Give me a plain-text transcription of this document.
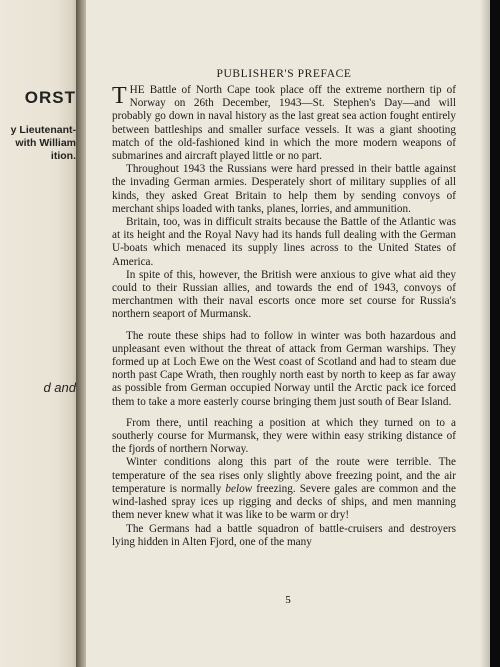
ORST
y Lieutenant-
with William
ition.
d and
PUBLISHER'S PREFACE

THE Battle of North Cape took place off the extreme northern tip of Norway on 26th December, 1943—St. Stephen's Day—and will probably go down in naval history as the last great sea action fought entirely between battleships and smaller surface vessels. It was a giant shooting match of the old-fashioned kind in which the more modern weapons of submarines and aircraft played little or no part.

Throughout 1943 the Russians were hard pressed in their battle against the invading German armies. Desperately short of military supplies of all kinds, they asked Great Britain to help them by sending convoys of merchant ships loaded with tanks, planes, lorries, and ammunition.

Britain, too, was in difficult straits because the Battle of the Atlantic was at its height and the Royal Navy had its hands full dealing with the German U-boats which menaced its supply lines across to the United States of America.

In spite of this, however, the British were anxious to give what aid they could to their Russian allies, and towards the end of 1943, convoys of merchantmen with their naval escorts once more set course for Russia's northern seaport of Murmansk.

The route these ships had to follow in winter was both hazardous and unpleasant even without the threat of attack from German warships. They formed up at Loch Ewe on the West coast of Scotland and had to steam due north past Cape Wrath, then roughly north east by north to keep as far away as possible from German occupied Norway until the Arctic pack ice forced them to take a more easterly course bringing them just south of Bear Island.

From there, until reaching a position at which they turned on to a southerly course for Murmansk, they were within easy striking distance of the fjords of northern Norway.

Winter conditions along this part of the route were terrible. The temperature of the sea rises only slightly above freezing point, and the air temperature is normally below freezing. Severe gales are common and the wind-lashed spray ices up rigging and decks of ships, and men manning them never knew what it was like to be warm or dry!

The Germans had a battle squadron of battle-cruisers and destroyers lying hidden in Alten Fjord, one of the many

5
